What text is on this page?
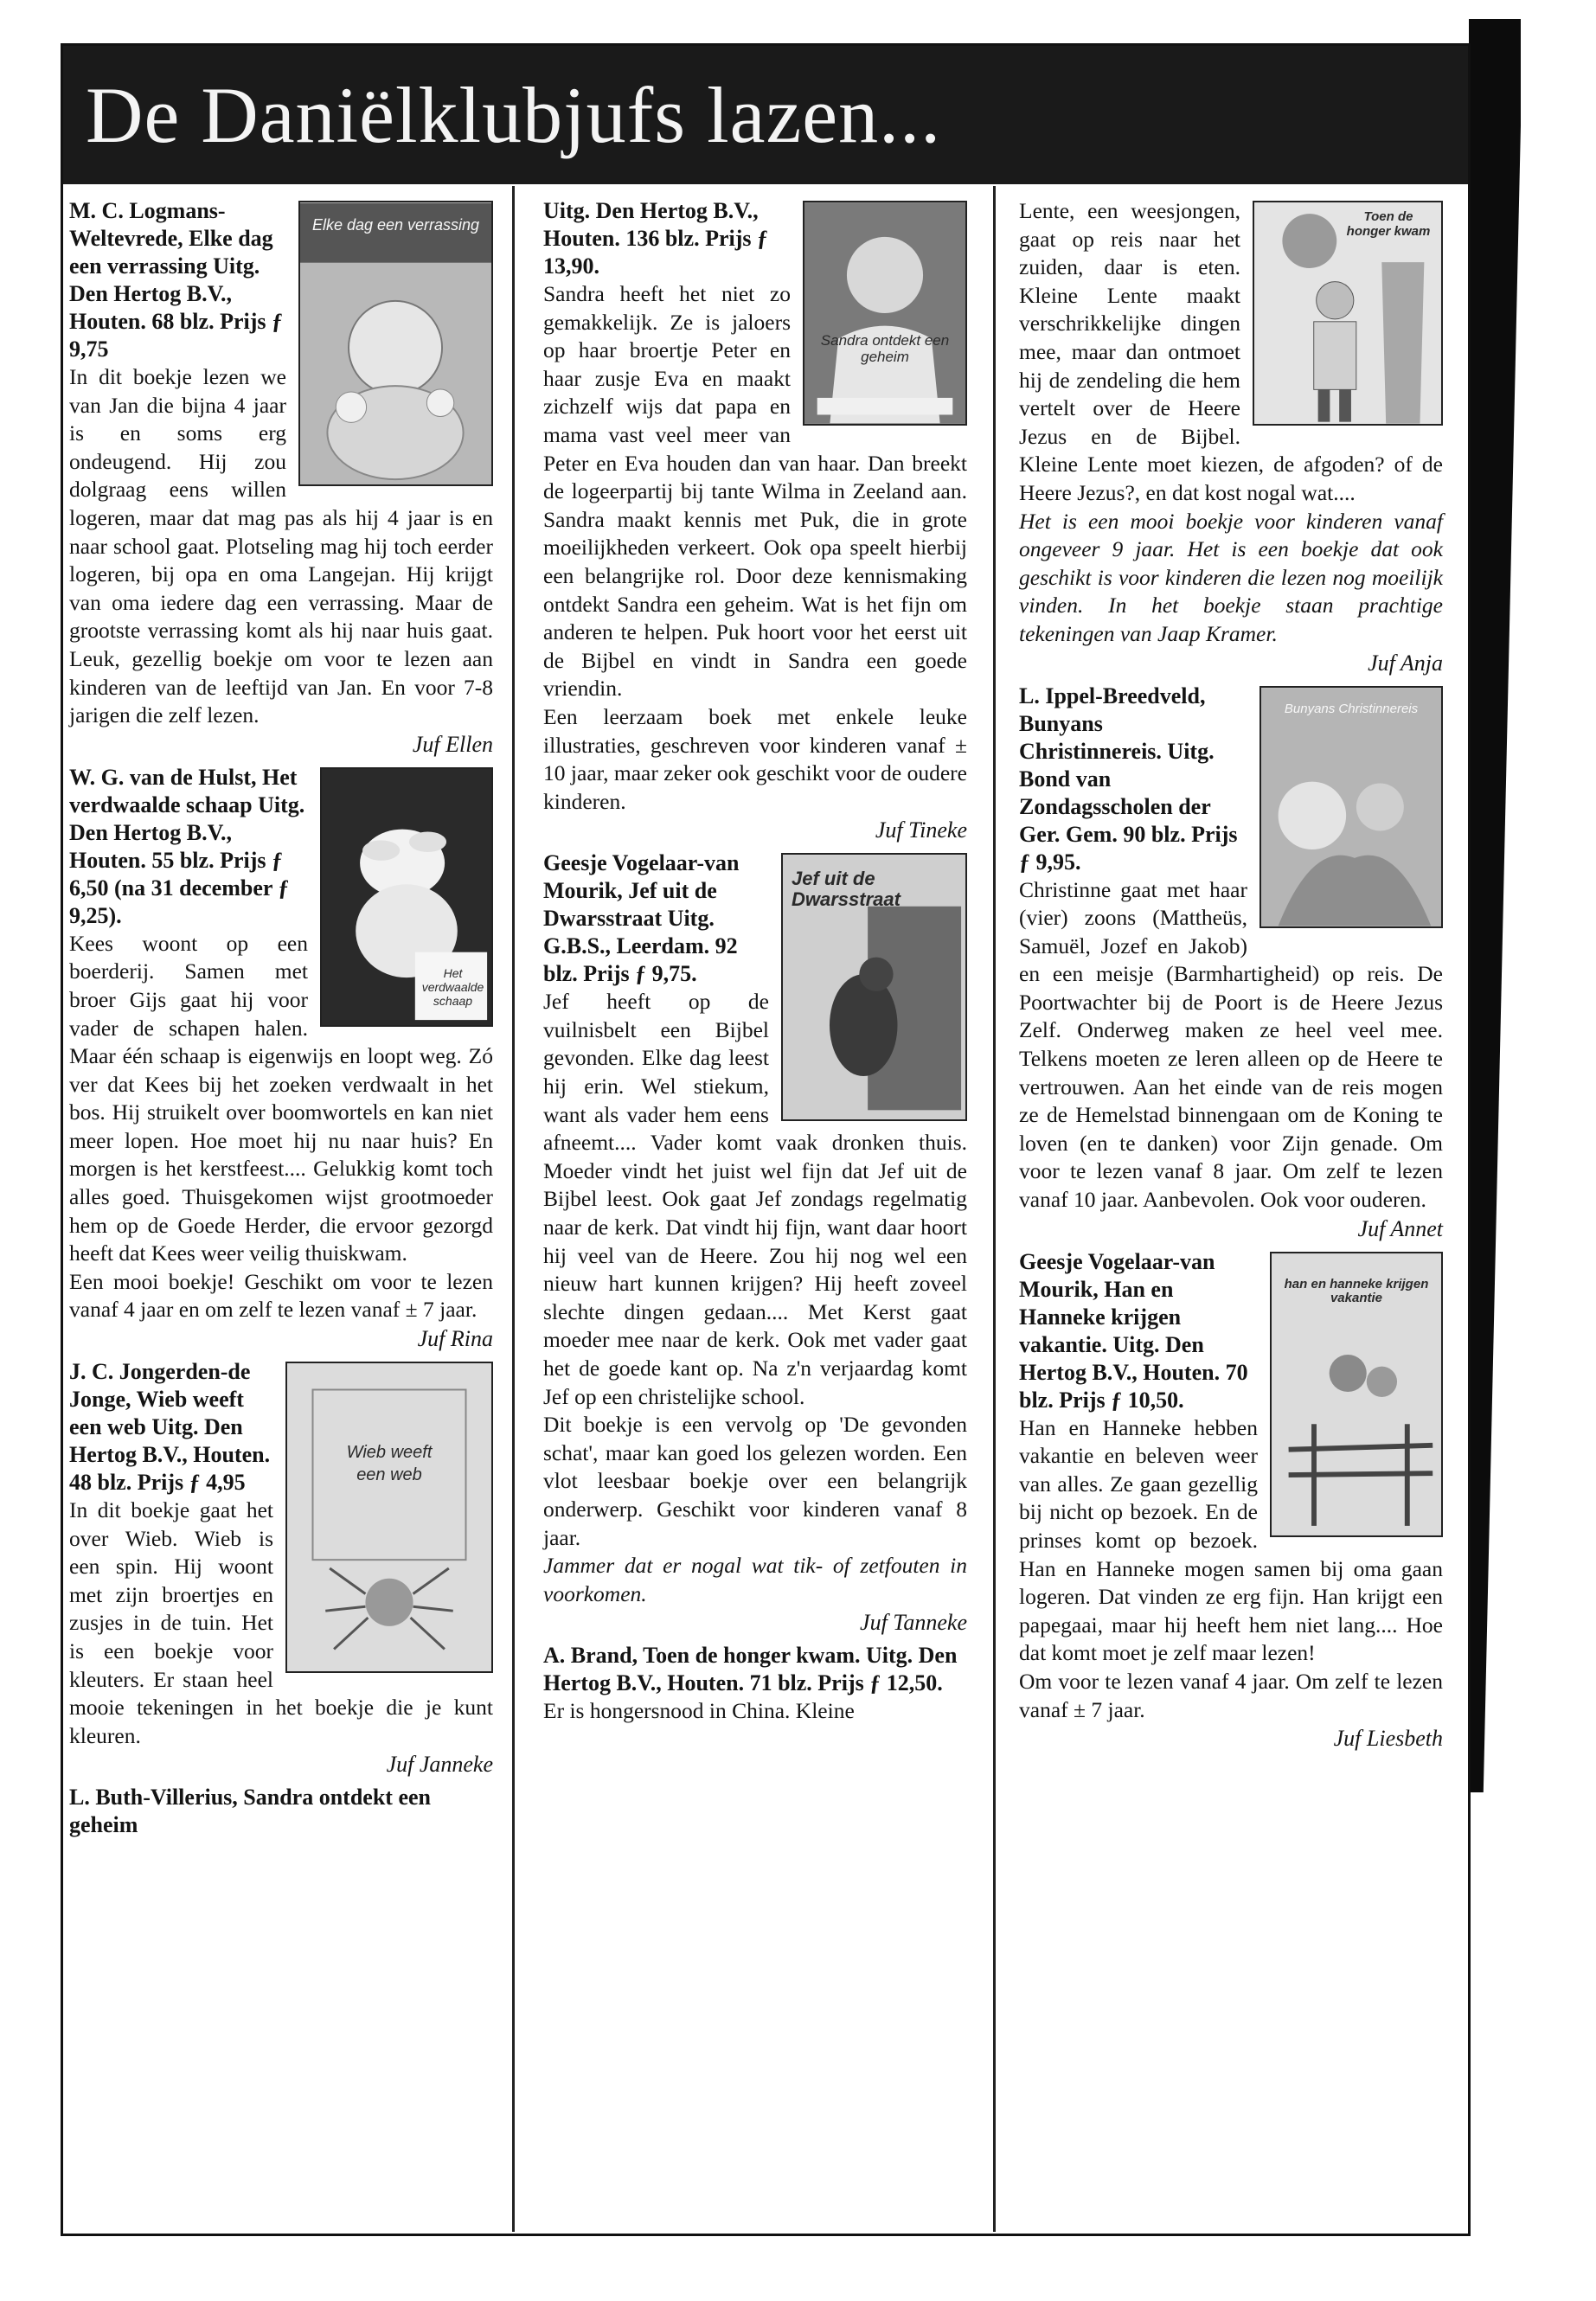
De Daniëlklubjufs lazen...
Elke dag een verrassing
M. C. Logmans-Weltevrede, Elke dag een verrassing Uitg. Den Hertog B.V., Houten. 68 blz. Prijs ƒ 9,75
In dit boekje lezen we van Jan die bijna 4 jaar is en soms erg ondeugend. Hij zou dolgraag eens willen logeren, maar dat mag pas als hij 4 jaar is en naar school gaat. Plotseling mag hij toch eerder logeren, bij opa en oma Langejan. Hij krijgt van oma iedere dag een verrassing. Maar de grootste verrassing komt als hij naar huis gaat. Leuk, gezellig boekje om voor te lezen aan kinderen van de leeftijd van Jan. En voor 7-8 jarigen die zelf lezen.
Juf Ellen
Het verdwaalde schaap
W. G. van de Hulst, Het verdwaalde schaap Uitg. Den Hertog B.V., Houten. 55 blz. Prijs ƒ 6,50 (na 31 december ƒ 9,25).
Kees woont op een boerderij. Samen met broer Gijs gaat hij voor vader de schapen halen. Maar één schaap is eigenwijs en loopt weg. Zó ver dat Kees bij het zoeken verdwaalt in het bos. Hij struikelt over boomwortels en kan niet meer lopen. Hoe moet hij nu naar huis? En morgen is het kerstfeest.... Gelukkig komt toch alles goed. Thuisgekomen wijst grootmoeder hem op de Goede Herder, die ervoor gezorgd heeft dat Kees weer veilig thuiskwam.
Een mooi boekje! Geschikt om voor te lezen vanaf 4 jaar en om zelf te lezen vanaf ± 7 jaar.
Juf Rina
Wieb weeft een web
J. C. Jongerden-de Jonge, Wieb weeft een web Uitg. Den Hertog B.V., Houten. 48 blz. Prijs ƒ 4,95
In dit boekje gaat het over Wieb. Wieb is een spin. Hij woont met zijn broertjes en zusjes in de tuin. Het is een boekje voor kleuters. Er staan heel mooie tekeningen in het boekje die je kunt kleuren.
Juf Janneke
L. Buth-Villerius, Sandra ontdekt een geheim
Sandra ontdekt een geheim
Uitg. Den Hertog B.V., Houten. 136 blz. Prijs ƒ 13,90.
Sandra heeft het niet zo gemakkelijk. Ze is jaloers op haar broertje Peter en haar zusje Eva en maakt zichzelf wijs dat papa en mama vast veel meer van Peter en Eva houden dan van haar. Dan breekt de logeerpartij bij tante Wilma in Zeeland aan. Sandra maakt kennis met Puk, die in grote moeilijkheden verkeert. Ook opa speelt hierbij een belangrijke rol. Door deze kennismaking ontdekt Sandra een geheim. Wat is het fijn om anderen te helpen. Puk hoort voor het eerst uit de Bijbel en vindt in Sandra een goede vriendin.
Een leerzaam boek met enkele leuke illustraties, geschreven voor kinderen vanaf ± 10 jaar, maar zeker ook geschikt voor de oudere kinderen.
Juf Tineke
Jef uit de Dwarsstraat
Geesje Vogelaar-van Mourik, Jef uit de Dwarsstraat Uitg. G.B.S., Leerdam. 92 blz. Prijs ƒ 9,75.
Jef heeft op de vuilnisbelt een Bijbel gevonden. Elke dag leest hij erin. Wel stiekum, want als vader hem eens afneemt.... Vader komt vaak dronken thuis. Moeder vindt het juist wel fijn dat Jef uit de Bijbel leest. Ook gaat Jef zondags regelmatig naar de kerk. Dat vindt hij fijn, want daar hoort hij veel van de Heere. Zou hij nog wel een nieuw hart kunnen krijgen? Hij heeft zoveel slechte dingen gedaan.... Met Kerst gaat moeder mee naar de kerk. Ook met vader gaat het de goede kant op. Na z'n verjaardag komt Jef op een christelijke school.
Dit boekje is een vervolg op 'De gevonden schat', maar kan goed los gelezen worden. Een vlot leesbaar boekje over een belangrijk onderwerp. Geschikt voor kinderen vanaf 8 jaar.
Jammer dat er nogal wat tik- of zetfouten in voorkomen.
Juf Tanneke
A. Brand, Toen de honger kwam. Uitg. Den Hertog B.V., Houten. 71 blz. Prijs ƒ 12,50.
Er is hongersnood in China. Kleine
Toen de honger kwam
Lente, een weesjongen, gaat op reis naar het zuiden, daar is eten. Kleine Lente maakt verschrikkelijke dingen mee, maar dan ontmoet hij de zendeling die hem vertelt over de Heere Jezus en de Bijbel. Kleine Lente moet kiezen, de afgoden? of de Heere Jezus?, en dat kost nogal wat....
Het is een mooi boekje voor kinderen vanaf ongeveer 9 jaar. Het is een boekje dat ook geschikt is voor kinderen die lezen nog moeilijk vinden. In het boekje staan prachtige tekeningen van Jaap Kramer.
Juf Anja
Bunyans Christinnereis
L. Ippel-Breedveld, Bunyans Christinnereis. Uitg. Bond van Zondagsscholen der Ger. Gem. 90 blz. Prijs ƒ 9,95.
Christinne gaat met haar (vier) zoons (Mattheüs, Samuël, Jozef en Jakob) en een meisje (Barmhartigheid) op reis. De Poortwachter bij de Poort is de Heere Jezus Zelf. Onderweg maken ze heel veel mee. Telkens moeten ze leren alleen op de Heere te vertrouwen. Aan het einde van de reis mogen ze de Hemelstad binnengaan om de Koning te loven (en te danken) voor Zijn genade. Om voor te lezen vanaf 8 jaar. Om zelf te lezen vanaf 10 jaar. Aanbevolen. Ook voor ouderen.
Juf Annet
han en hanneke krijgen vakantie
Geesje Vogelaar-van Mourik, Han en Hanneke krijgen vakantie. Uitg. Den Hertog B.V., Houten. 70 blz. Prijs ƒ 10,50.
Han en Hanneke hebben vakantie en beleven weer van alles. Ze gaan gezellig bij nicht op bezoek. En de prinses komt op bezoek. Han en Hanneke mogen samen bij oma gaan logeren. Dat vinden ze erg fijn. Han krijgt een papegaai, maar hij heeft hem niet lang.... Hoe dat komt moet je zelf maar lezen!
Om voor te lezen vanaf 4 jaar. Om zelf te lezen vanaf ± 7 jaar.
Juf Liesbeth
